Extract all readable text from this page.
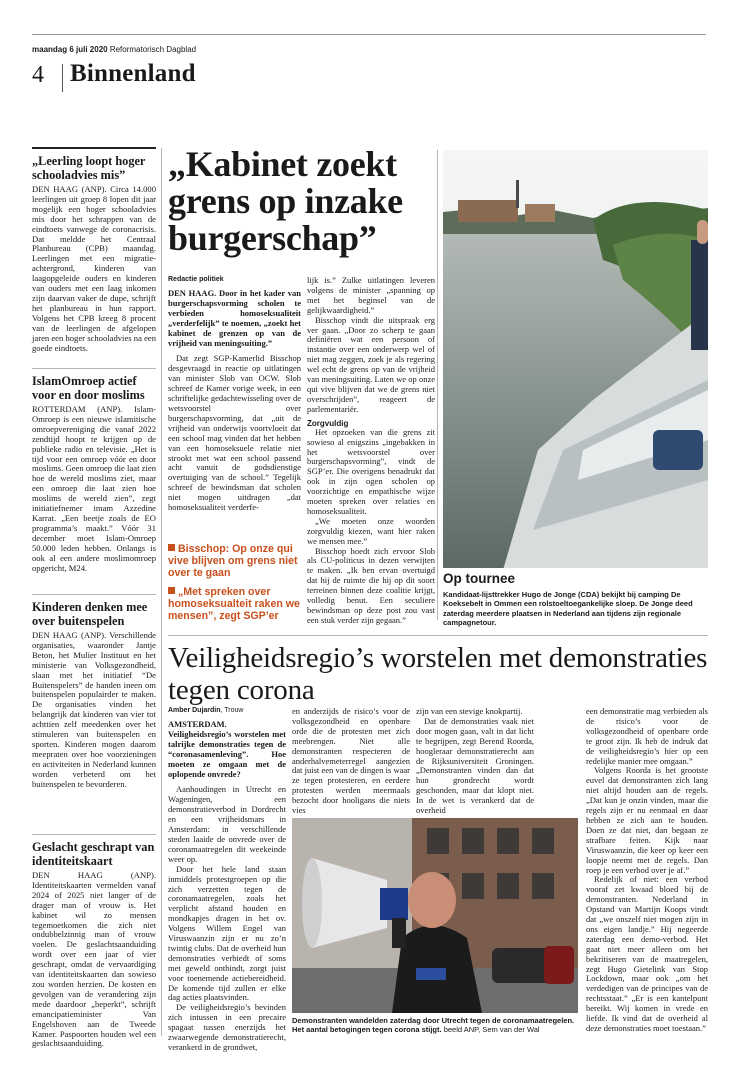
maandag 6 juli 2020 Reformatorisch Dagblad
4 Binnenland
„Leerling loopt hoger schooladvies mis”

DEN HAAG (ANP). Circa 14.000 leerlingen uit groep 8 lopen dit jaar mogelijk een hoger schooladvies mis door het schrappen van de eindtoets vanwege de coronacrisis. Dat meldde het Centraal Planbureau (CPB) maandag. Leerlingen met een migratie-achtergrond, kinderen van laagopgeleide ouders en kinderen van ouders met een laag inkomen zijn daarvan vaker de dupe, schrijft het planbureau in hun rapport. Volgens het CPB kreeg 8 procent van de leerlingen de afgelopen jaren een hoger schooladvies na een goede eindtoets.

IslamOmroep actief voor en door moslims

ROTTERDAM (ANP). Islam-Omroep is een nieuwe islamitische omroepvereniging die vanaf 2022 zendtijd hoopt te krijgen op de publieke radio en televisie. „Het is tijd voor een omroep vóór en door moslims. Geen omroep die laat zien hoe de wereld moslims ziet, maar een omroep die laat zien hoe moslims de wereld zien”, zegt initiatiefnemer imam Azzedine Karrat. „Een beetje zoals de EO programma’s maakt.” Vóór 31 december moet Islam-Omroep 50.000 leden hebben. Onlangs is ook al een andere moslimomroep opgericht, M24.

Kinderen denken mee over buitenspelen

DEN HAAG (ANP). Verschillende organisaties, waaronder Jantje Beton, het Mulier Instituut en het ministerie van Volksgezondheid, slaan met het initiatief “De Buitenspelers” de handen ineen om buitenspelen populairder te maken. De organisaties vinden het belangrijk dat kinderen van vier tot achttien zelf meedenken over het stimuleren van buitenspelen en sporten. Kinderen mogen daarom meepraten over hoe voorzieningen en activiteiten in Nederland kunnen worden verbeterd om het buitenspelen te bevorderen.

Geslacht geschrapt van identiteitskaart

DEN HAAG (ANP). Identiteitskaarten vermelden vanaf 2024 of 2025 niet langer of de drager man of vrouw is. Het kabinet wil zo mensen tegemoetkomen die zich niet ondubbelzinnig man of vrouw voelen. De geslachtsaanduiding wordt over een jaar of vier geschrapt, omdat de vervaardiging van identiteitskaarten dan sowieso zou worden herzien. De kosten en gevolgen van de verandering zijn mede daardoor „beperkt”, schrijft emancipatieminister Van Engelshoven aan de Tweede Kamer. Paspoorten houden wel een geslachtsaanduiding.

„Kabinet zoekt grens op inzake burgerschap”
Redactie politiek

DEN HAAG. Door in het kader van burgerschapsvorming scholen te verbieden homoseksualiteit „verderfelijk” te noemen, „zoekt het kabinet de grenzen op van de vrijheid van meningsuiting.”

Dat zegt SGP-Kamerlid Bisschop desgevraagd in reactie op uitlatingen van minister Slob van OCW. Slob schreef de Kamer vorige week, in een schriftelijke gedachtewisseling over de wetsvoorstel over burgerschapsvorming, dat „uit de vrijheid van onderwijs voortvloeit dat een school mag vinden dat het hebben van een homoseksuele relatie niet strookt met wat een school passend acht vanuit de godsdienstige overtuiging van de school.” Tegelijk schreef de bewindsman dat scholen niet mogen uitdragen „dat homoseksualiteit verderfe-

Bisschop: Op onze qui vive blijven om grens niet over te gaan
„Met spreken over homoseksualteit raken we mensen”, zegt SGP’er

lijk is.” Zulke uitlatingen leveren volgens de minister „spanning op met het beginsel van de gelijkwaardigheid.”

Bisschop vindt die uitspraak erg ver gaan. „Door zo scherp te gaan definiëren wat een persoon of instantie over een onderwerp wel of niet mag zeggen, zoek je als regering wel echt de grens op van de vrijheid van meningsuiting. Laten we op onze qui vive blijven dat we de grens niet overschrijden”, reageert de parlementariër.

Zorgvuldig

Het opzoeken van die grens zit sowieso al enigszins „ingebakken in het wetsvoorstel over burgerschapsvorming”, vindt de SGP’er. Die overigens benadrukt dat ook in zijn ogen scholen op voorzichtige en empathische wijze moeten spreken over relaties en homoseksualiteit.

„We moeten onze woorden zorgvuldig kiezen, want hier raken we mensen mee.”

Bisschop hoedt zich ervoor Slob als CU-politicus in dezen verwijten te maken. „Ik ben ervan overtuigd dat hij de ruimte die hij op dit soort terreinen binnen deze coalitie krijgt, volledig benut. Een seculiere bewindsman op deze post zou vast een stuk verder zijn gegaan.”

Op tournee
Kandidaat-lijsttrekker Hugo de Jonge (CDA) bekijkt bij camping De Koeksebelt in Ommen een rolstoeltoegankelijke sloep. De Jonge deed zaterdag meerdere plaatsen in Nederland aan tijdens zijn regionale campagnetour.
Veiligheidsregio’s worstelen met demonstraties tegen corona
Amber Dujardin, Trouw

AMSTERDAM. Veiligheidsregio’s worstelen met talrijke demonstraties tegen de “coronasamenleving”. Hoe moeten ze omgaan met de oplopende onvrede?

Aanhoudingen in Utrecht en Wageningen, een demonstratieverbod in Dordrecht en een vrijheidsmars in Amsterdam: in verschillende steden laaide de onvrede over de coronamaatregelen dit weekeinde weer op.

Door het hele land staan inmiddels protestgroepen op die zich verzetten tegen de coronamaatregelen, zoals het verplicht afstand houden en mondkapjes dragen in het ov. Volgens Willem Engel van Viruswaanzin zijn er nu zo’n twintig clubs. Dat de overheid hun demonstraties verbiedt of soms met geweld ontbindt, zorgt juist voor toenemende actiebereidheid. De komende tijd zullen er elke dag acties plaatsvinden.

De veiligheidsregio’s bevinden zich intussen in een precaire spagaat tussen enerzijds het zwaarwegende demonstratierecht, verankerd in de grondwet,

en anderzijds de risico’s voor de volksgezondheid en openbare orde die de protesten met zich meebrengen. Niet alle demonstranten respecteren de anderhalvemeterregel aangezien dat juist een van de dingen is waar ze tegen protesteren, en eerdere protesten werden meermaals bezocht door hooligans die niets vies

zijn van een stevige knokpartij.

Dat de demonstraties vaak niet door mogen gaan, valt in dat licht te begrijpen, zegt Berend Roorda, hoogleraar demonstratierecht aan de Rijksuniversiteit Groningen. „Demonstranten vinden dan dat hun grondrecht wordt geschonden, maar dat klopt niet. In de wet is verankerd dat de overheid

een demonstratie mag verbieden als de risico’s voor de volksgezondheid of openbare orde te groot zijn. Ik heb de indruk dat de veiligheidsregio’s hier op een redelijke manier mee omgaan.”

Volgens Roorda is het grootste euvel dat demonstranten zich lang niet altijd houden aan de regels. „Dat kun je onzin vinden, maar die regels zijn er nu eenmaal en daar hebben ze zich aan te houden. Doen ze dat niet, dan begaan ze strafbare feiten. Kijk naar Viruswaanzin, die keer op keer een loopje neemt met de regels. Dan roep je een verbod over je af.”

Redelijk of niet: een verbod vooraf zet kwaad bloed bij de demonstranten. Nederland in Opstand van Martijn Koops vindt dat „we onszelf niet mogen zijn in ons eigen landje.” Hij negeerde zaterdag een demo-verbod. Het gaat niet meer alleen om het bekritiseren van de maatregelen, zegt Hugo Gietelink van Stop Lockdown, maar ook „om het verdedigen van de principes van de rechtsstaat.” „Er is een kantelpunt bereikt. Wij komen in vrede en liefde. Ik vind dat de overheid al deze demonstraties moet toestaan.”

Demonstranten wandelden zaterdag door Utrecht tegen de coronamaatregelen. Het aantal betogingen tegen corona stijgt. beeld ANP, Sem van der Wal
